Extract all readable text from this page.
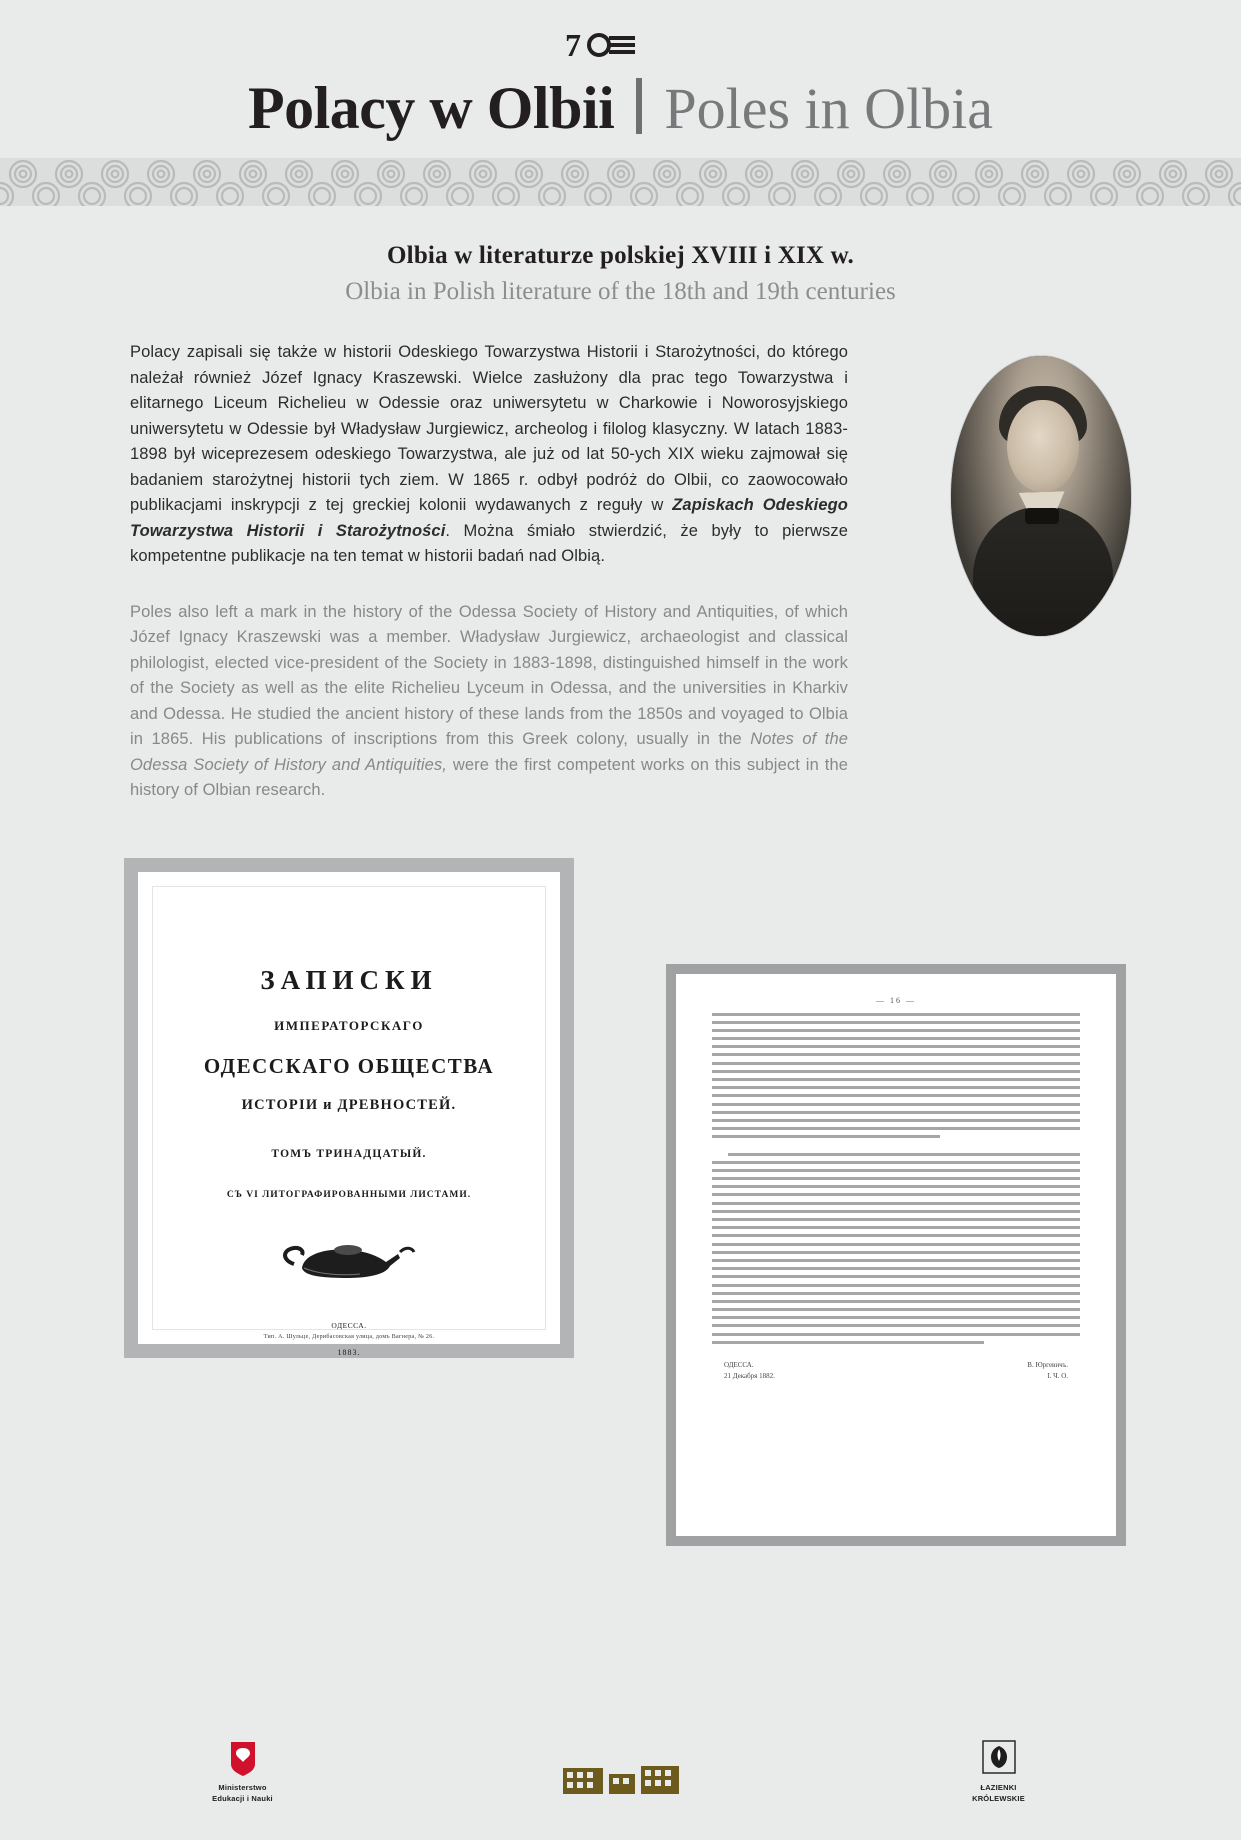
7
Polacy w Olbii Poles in Olbia
Olbia w literaturze polskiej XVIII i XIX w.
Olbia in Polish literature of the 18th and 19th centuries

Polacy zapisali się także w historii Odeskiego Towarzystwa Historii i Starożytności, do którego należał również Józef Ignacy Kraszewski. Wielce zasłużony dla prac tego Towarzystwa i elitarnego Liceum Richelieu w Odessie oraz uniwersytetu w Charkowie i Noworosyjskiego uniwersytetu w Odessie był Władysław Jurgiewicz, archeolog i filolog klasyczny. W latach 1883-1898 był wiceprezesem odeskiego Towarzystwa, ale już od lat 50-ych XIX wieku zajmował się badaniem starożytnej historii tych ziem. W 1865 r. odbył podróż do Olbii, co zaowocowało publikacjami inskrypcji z tej greckiej kolonii wydawanych z reguły w Zapiskach Odeskiego Towarzystwa Historii i Starożytności. Można śmiało stwierdzić, że były to pierwsze kompetentne publikacje na ten temat w historii badań nad Olbią.

Poles also left a mark in the history of the Odessa Society of History and Antiquities, of which Józef Ignacy Kraszewski was a member. Władysław Jurgiewicz, archaeologist and classical philologist, elected vice-president of the Society in 1883-1898, distinguished himself in the work of the Society as well as the elite Richelieu Lyceum in Odessa, and the universities in Kharkiv and Odessa. He studied the ancient history of these lands from the 1850s and voyaged to Olbia in 1865. His publications of inscriptions from this Greek colony, usually in the Notes of the Odessa Society of History and Antiquities, were the first competent works on this subject in the history of Olbian research.

ЗАПИСКИ
ИМПЕРАТОРСКАГО
ОДЕССКАГО ОБЩЕСТВА
ИСТОРІИ и ДРЕВНОСТЕЙ.
ТОМЪ ТРИНАДЦАТЫЙ.
СЪ VI ЛИТОГРАФИРОВАННЫМИ ЛИСТАМИ.
ОДЕССА.
Тип. А. Шульце, Дерибасовская улица, домъ Вагнера, № 26.
1883.
— 16 —
ОДЕССА.
21 Декабря 1882.
В. Юргевичъ.
I. Ч. О.
Ministerstwo
Edukacji i Nauki
ŁAZIENKI
KRÓLEWSKIE
